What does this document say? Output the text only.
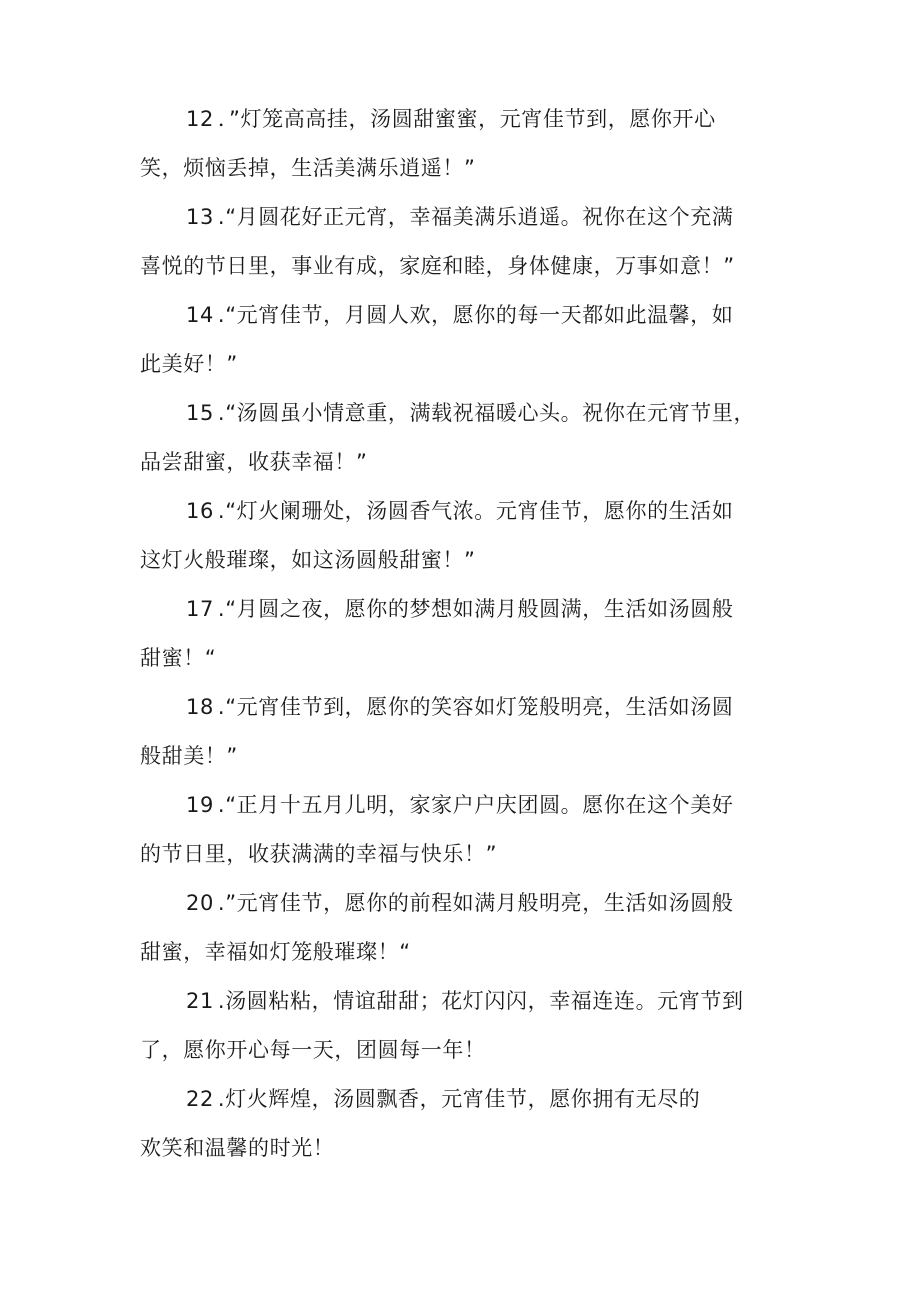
12 ．”灯笼高高挂，汤圆甜蜜蜜，元宵佳节到，愿你开心
笑，烦恼丢掉，生活美满乐逍遥！”
13 .“月圆花好正元宵，幸福美满乐逍遥。祝你在这个充满
喜悦的节日里，事业有成，家庭和睦，身体健康，万事如意！”
14 .“元宵佳节，月圆人欢，愿你的每一天都如此温馨，如
此美好！”
15 .“汤圆虽小情意重，满载祝福暖心头。祝你在元宵节里，
品尝甜蜜，收获幸福！”
16 .“灯火阑珊处，汤圆香气浓。元宵佳节，愿你的生活如
这灯火般璀璨，如这汤圆般甜蜜！”
17 .“月圆之夜，愿你的梦想如满月般圆满，生活如汤圆般
甜蜜！“
18 .“元宵佳节到，愿你的笑容如灯笼般明亮，生活如汤圆
般甜美！”
19 .“正月十五月儿明，家家户户庆团圆。愿你在这个美好
的节日里，收获满满的幸福与快乐！”
20 .”元宵佳节，愿你的前程如满月般明亮，生活如汤圆般
甜蜜，幸福如灯笼般璀璨！“
21 .汤圆粘粘，情谊甜甜；花灯闪闪，幸福连连。元宵节到
了，愿你开心每一天，团圆每一年！
22 .灯火辉煌，汤圆飘香，元宵佳节，愿你拥有无尽的
欢笑和温馨的时光！
